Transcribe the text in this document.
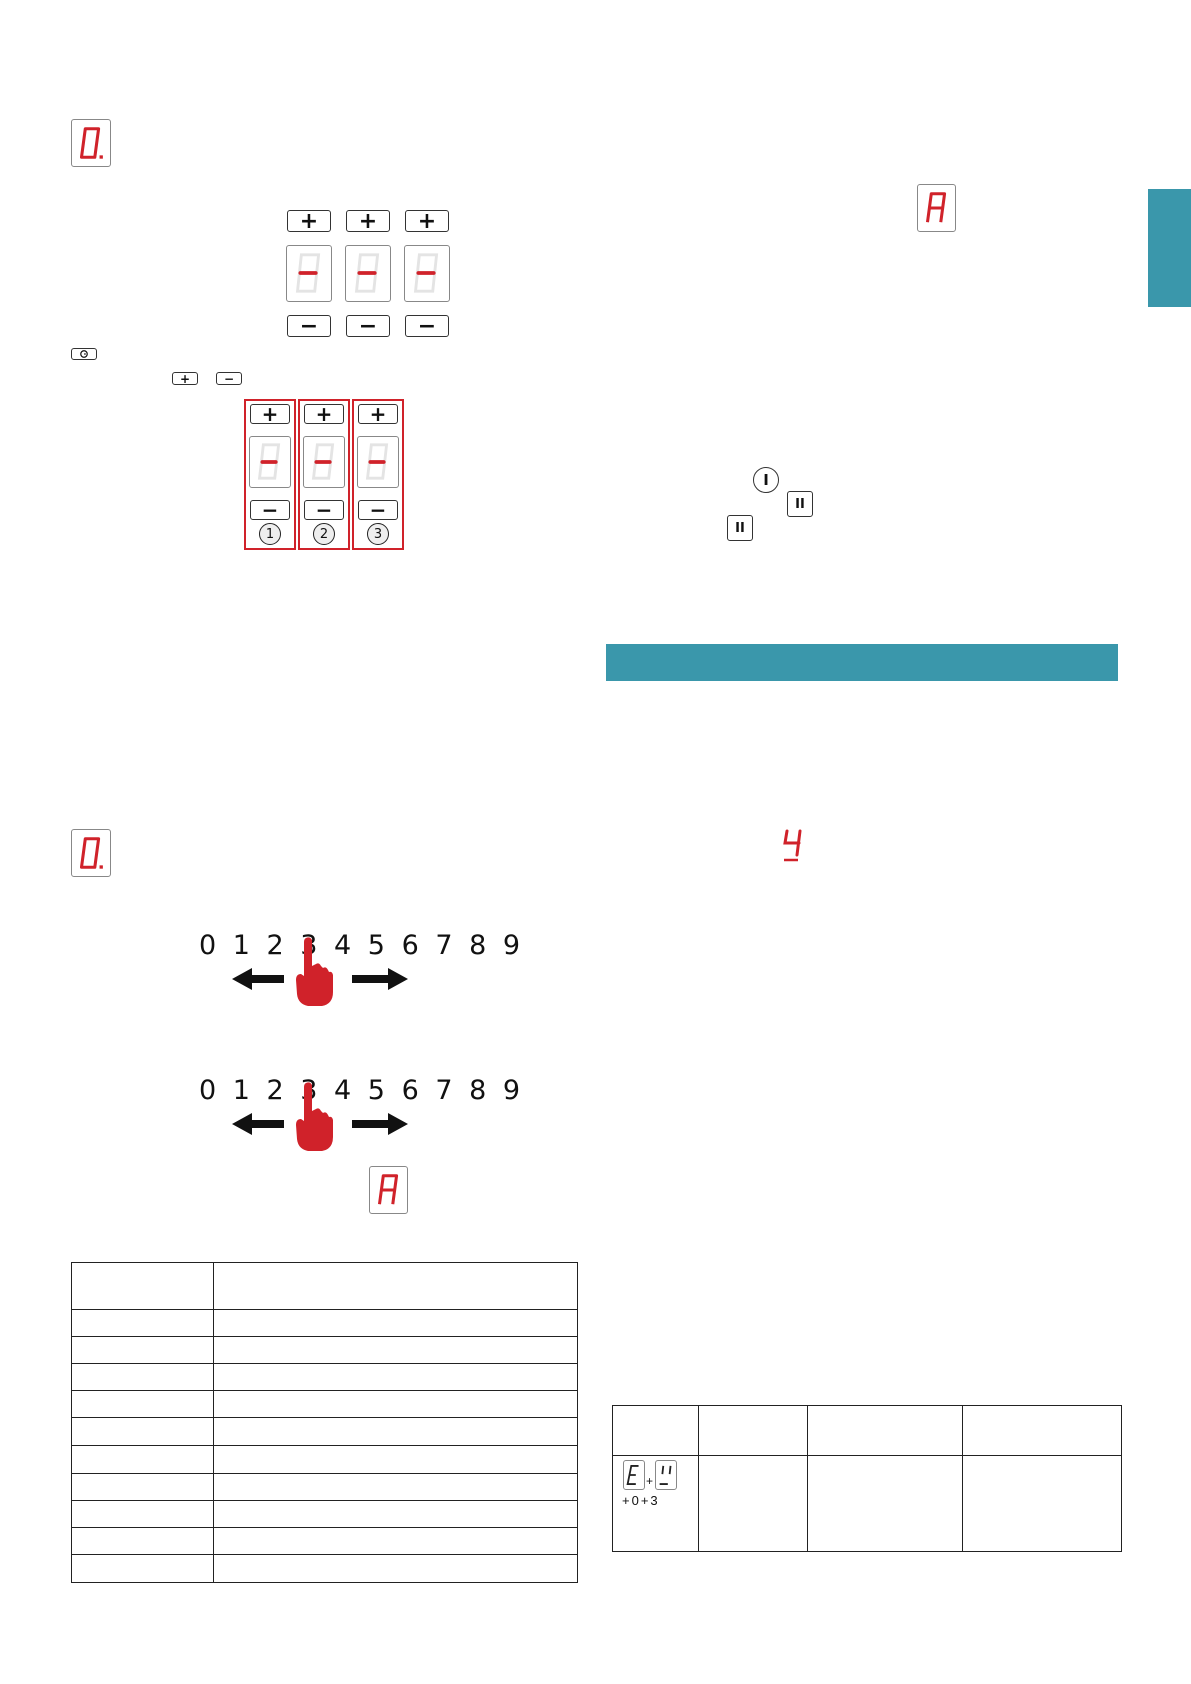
+	+	+
−	−	−
+	−
+	+	+
−	−	−
1	2	3
0 1 2 3 4 5 6 7 8 9
0 1 2 3 4 5 6 7 8 9

I
II
II

+
+0+3			
